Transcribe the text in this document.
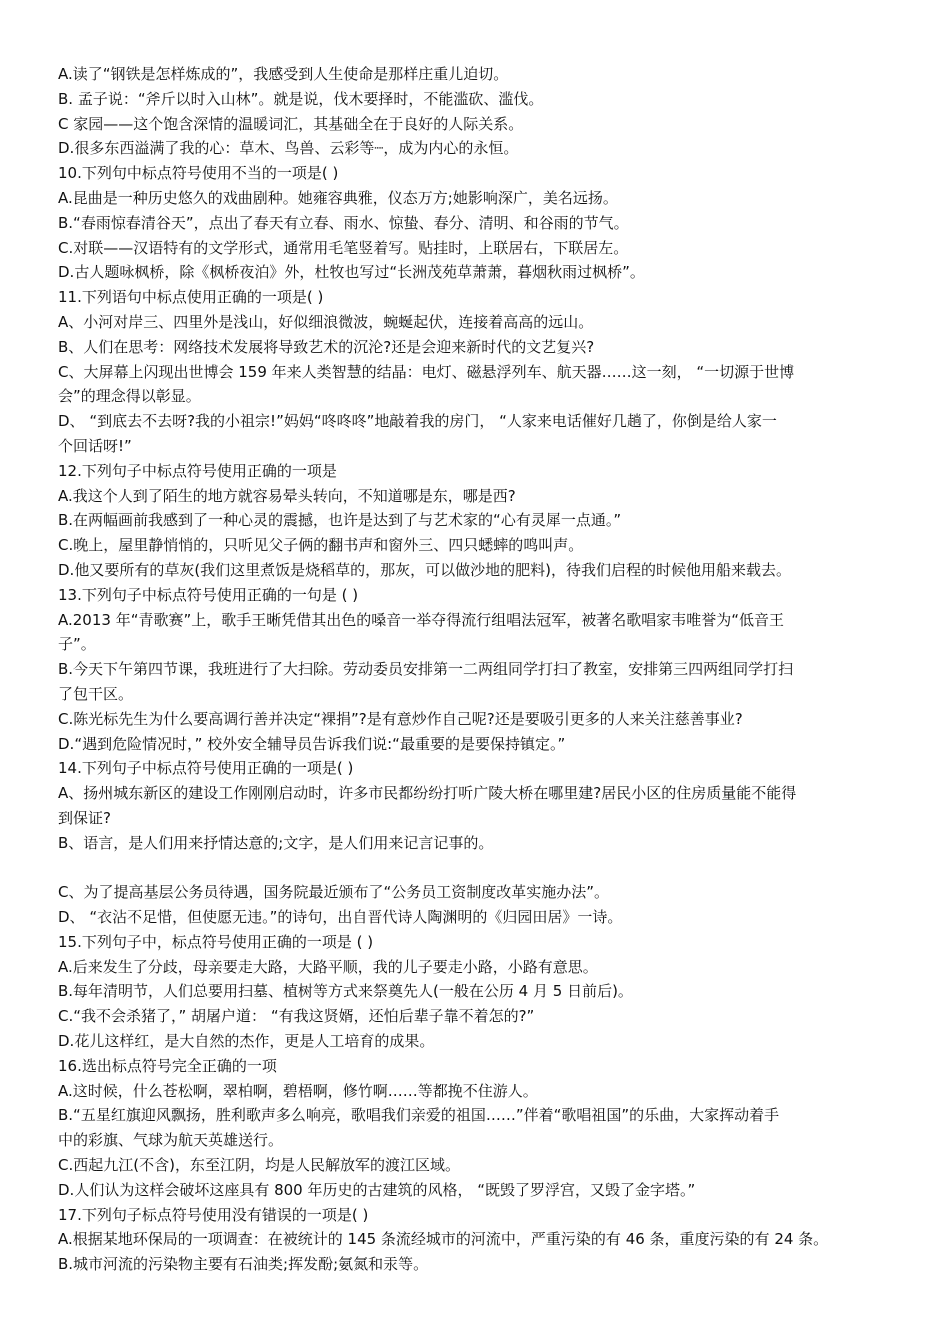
A.读了“钢铁是怎样炼成的”，我感受到人生使命是那样庄重儿迫切。
B. 孟子说：“斧斤以时入山林”。就是说，伐木要择时，不能滥砍、滥伐。
C 家园——这个饱含深情的温暖词汇，其基础全在于良好的人际关系。
D.很多东西溢满了我的心：草木、鸟兽、云彩等┈，成为内心的永恒。
10.下列句中标点符号使用不当的一项是( )
A.昆曲是一种历史悠久的戏曲剧种。她雍容典雅，仪态万方;她影响深广，美名远扬。
B.“春雨惊春清谷天”，点出了春天有立春、雨水、惊蛰、春分、清明、和谷雨的节气。
C.对联——汉语特有的文学形式，通常用毛笔竖着写。贴挂时，上联居右，下联居左。
D.古人题咏枫桥，除《枫桥夜泊》外，杜牧也写过“长洲茂苑草萧萧，暮烟秋雨过枫桥”。
11.下列语句中标点使用正确的一项是( )
A、小河对岸三、四里外是浅山，好似细浪微波，蜿蜒起伏，连接着高高的远山。
B、人们在思考：网络技术发展将导致艺术的沉沦?还是会迎来新时代的文艺复兴?
C、大屏幕上闪现出世博会 159 年来人类智慧的结晶：电灯、磁悬浮列车、航天器……这一刻， “一切源于世博
会”的理念得以彰显。
D、 “到底去不去呀?我的小祖宗!”妈妈“咚咚咚”地敲着我的房门， “人家来电话催好几趟了，你倒是给人家一
个回话呀!”
12.下列句子中标点符号使用正确的一项是
A.我这个人到了陌生的地方就容易晕头转向，不知道哪是东，哪是西?
B.在两幅画前我感到了一种心灵的震撼，也许是达到了与艺术家的“心有灵犀一点通。”
C.晚上，屋里静悄悄的，只听见父子俩的翻书声和窗外三、四只蟋蟀的鸣叫声。
D.他又要所有的草灰(我们这里煮饭是烧稻草的，那灰，可以做沙地的肥料)，待我们启程的时候他用船来载去。
13.下列句子中标点符号使用正确的一句是 ( )
A.2013 年“青歌赛”上，歌手王晰凭借其出色的嗓音一举夺得流行组唱法冠军，被著名歌唱家韦唯誉为“低音王
子”。
B.今天下午第四节课，我班进行了大扫除。劳动委员安排第一二两组同学打扫了教室，安排第三四两组同学打扫
了包干区。
C.陈光标先生为什么要高调行善并决定“裸捐”?是有意炒作自己呢?还是要吸引更多的人来关注慈善事业?
D.“遇到危险情况时，” 校外安全辅导员告诉我们说:“最重要的是要保持镇定。”
14.下列句子中标点符号使用正确的一项是( )
A、扬州城东新区的建设工作刚刚启动时，许多市民都纷纷打听广陵大桥在哪里建?居民小区的住房质量能不能得
到保证?
B、语言，是人们用来抒情达意的;文字，是人们用来记言记事的。
C、为了提高基层公务员待遇，国务院最近颁布了“公务员工资制度改革实施办法”。
D、 “衣沾不足惜，但使愿无违。”的诗句，出自晋代诗人陶渊明的《归园田居》一诗。
15.下列句子中，标点符号使用正确的一项是 ( )
A.后来发生了分歧，母亲要走大路，大路平顺，我的儿子要走小路，小路有意思。
B.每年清明节，人们总要用扫墓、植树等方式来祭奠先人(一般在公历 4 月 5 日前后)。
C.“我不会杀猪了，” 胡屠户道： “有我这贤婿，还怕后辈子靠不着怎的?”
D.花儿这样红，是大自然的杰作，更是人工培育的成果。
16.选出标点符号完全正确的一项
A.这时候，什么苍松啊，翠柏啊，碧梧啊，修竹啊……等都挽不住游人。
B.“五星红旗迎风飘扬，胜利歌声多么响亮，歌唱我们亲爱的祖国……”伴着“歌唱祖国”的乐曲，大家挥动着手
中的彩旗、气球为航天英雄送行。
C.西起九江(不含)，东至江阴，均是人民解放军的渡江区域。
D.人们认为这样会破坏这座具有 800 年历史的古建筑的风格， “既毁了罗浮宫，又毁了金字塔。”
17.下列句子标点符号使用没有错误的一项是( )
A.根据某地环保局的一项调查：在被统计的 145 条流经城市的河流中，严重污染的有 46 条，重度污染的有 24 条。
B.城市河流的污染物主要有石油类;挥发酚;氨氮和汞等。
